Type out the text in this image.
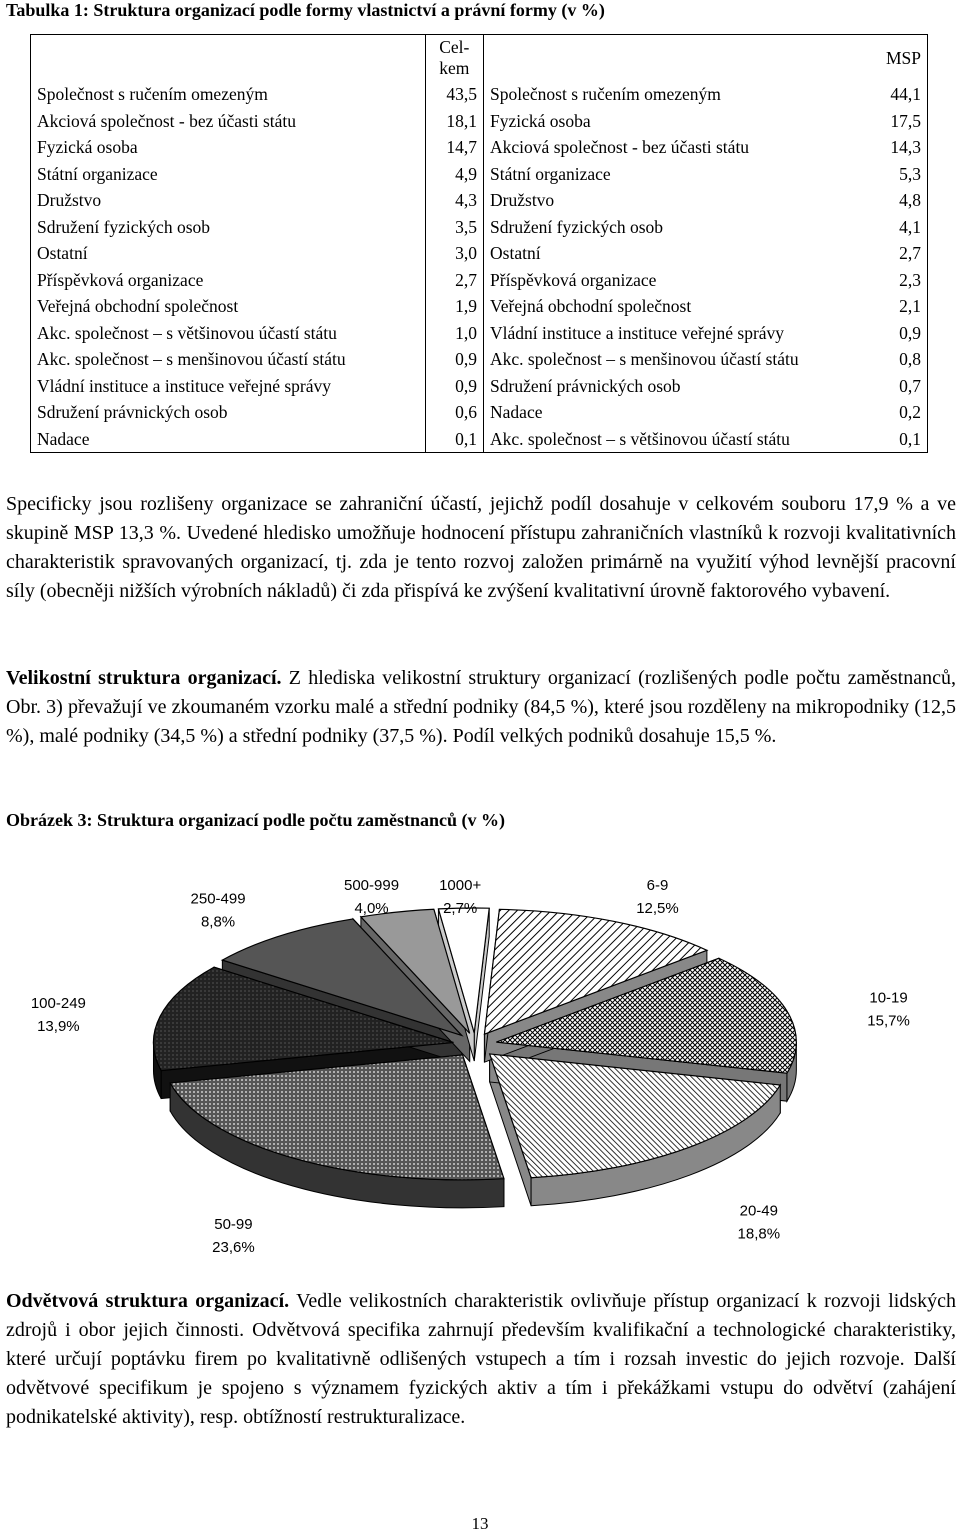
Tabulka 1: Struktura organizací podle formy vlastnictví a právní formy (v %)

	Cel-
kem		MSP
Společnost s ručením omezeným	43,5	Společnost s ručením omezeným	44,1
Akciová společnost - bez účasti státu	18,1	Fyzická osoba	17,5
Fyzická osoba	14,7	Akciová společnost - bez účasti státu	14,3
Státní organizace	4,9	Státní organizace	5,3
Družstvo	4,3	Družstvo	4,8
Sdružení fyzických osob	3,5	Sdružení fyzických osob	4,1
Ostatní	3,0	Ostatní	2,7
Příspěvková organizace	2,7	Příspěvková organizace	2,3
Veřejná obchodní společnost	1,9	Veřejná obchodní společnost	2,1
Akc. společnost – s většinovou účastí státu	1,0	Vládní instituce a instituce veřejné správy	0,9
Akc. společnost – s menšinovou účastí státu	0,9	Akc. společnost – s menšinovou účastí státu	0,8
Vládní instituce a instituce veřejné správy	0,9	Sdružení právnických osob	0,7
Sdružení právnických osob	0,6	Nadace	0,2
Nadace	0,1	Akc. společnost – s většinovou účastí státu	0,1

Specificky jsou rozlišeny organizace se zahraniční účastí, jejichž podíl dosahuje v celkovém souboru 17,9 % a ve skupině MSP 13,3 %. Uvedené hledisko umožňuje hodnocení přístupu zahraničních vlastníků k rozvoji kvalitativních charakteristik spravovaných organizací, tj. zda je tento rozvoj založen primárně na využití výhod levnější pracovní síly (obecněji nižších výrobních nákladů) či zda přispívá ke zvýšení kvalitativní úrovně faktorového vybavení.

Velikostní struktura organizací. Z hlediska velikostní struktury organizací (rozlišených podle počtu zaměstnanců, Obr. 3) převažují ve zkoumaném vzorku malé a střední podniky (84,5 %), které jsou rozděleny na mikropodniky (12,5 %), malé podniky (34,5 %) a střední podniky (37,5 %). Podíl velkých podniků dosahuje 15,5 %.

Obrázek 3: Struktura organizací podle počtu zaměstnanců (v %)
6-9
12,5%
10-19
15,7%
20-49
18,8%
50-99
23,6%
100-249
13,9%
250-499
8,8%
500-999
4,0%
1000+
2,7%

Odvětvová struktura organizací. Vedle velikostních charakteristik ovlivňuje přístup organizací k rozvoji lidských zdrojů i obor jejich činnosti. Odvětvová specifika zahrnují především kvalifikační a technologické charakteristiky, které určují poptávku firem po kvalitativně odlišených vstupech a tím i rozsah investic do jejich rozvoje. Další odvětvové specifikum je spojeno s významem fyzických aktiv a tím i překážkami vstupu do odvětví (zahájení podnikatelské aktivity), resp. obtížností restrukturalizace.

13
